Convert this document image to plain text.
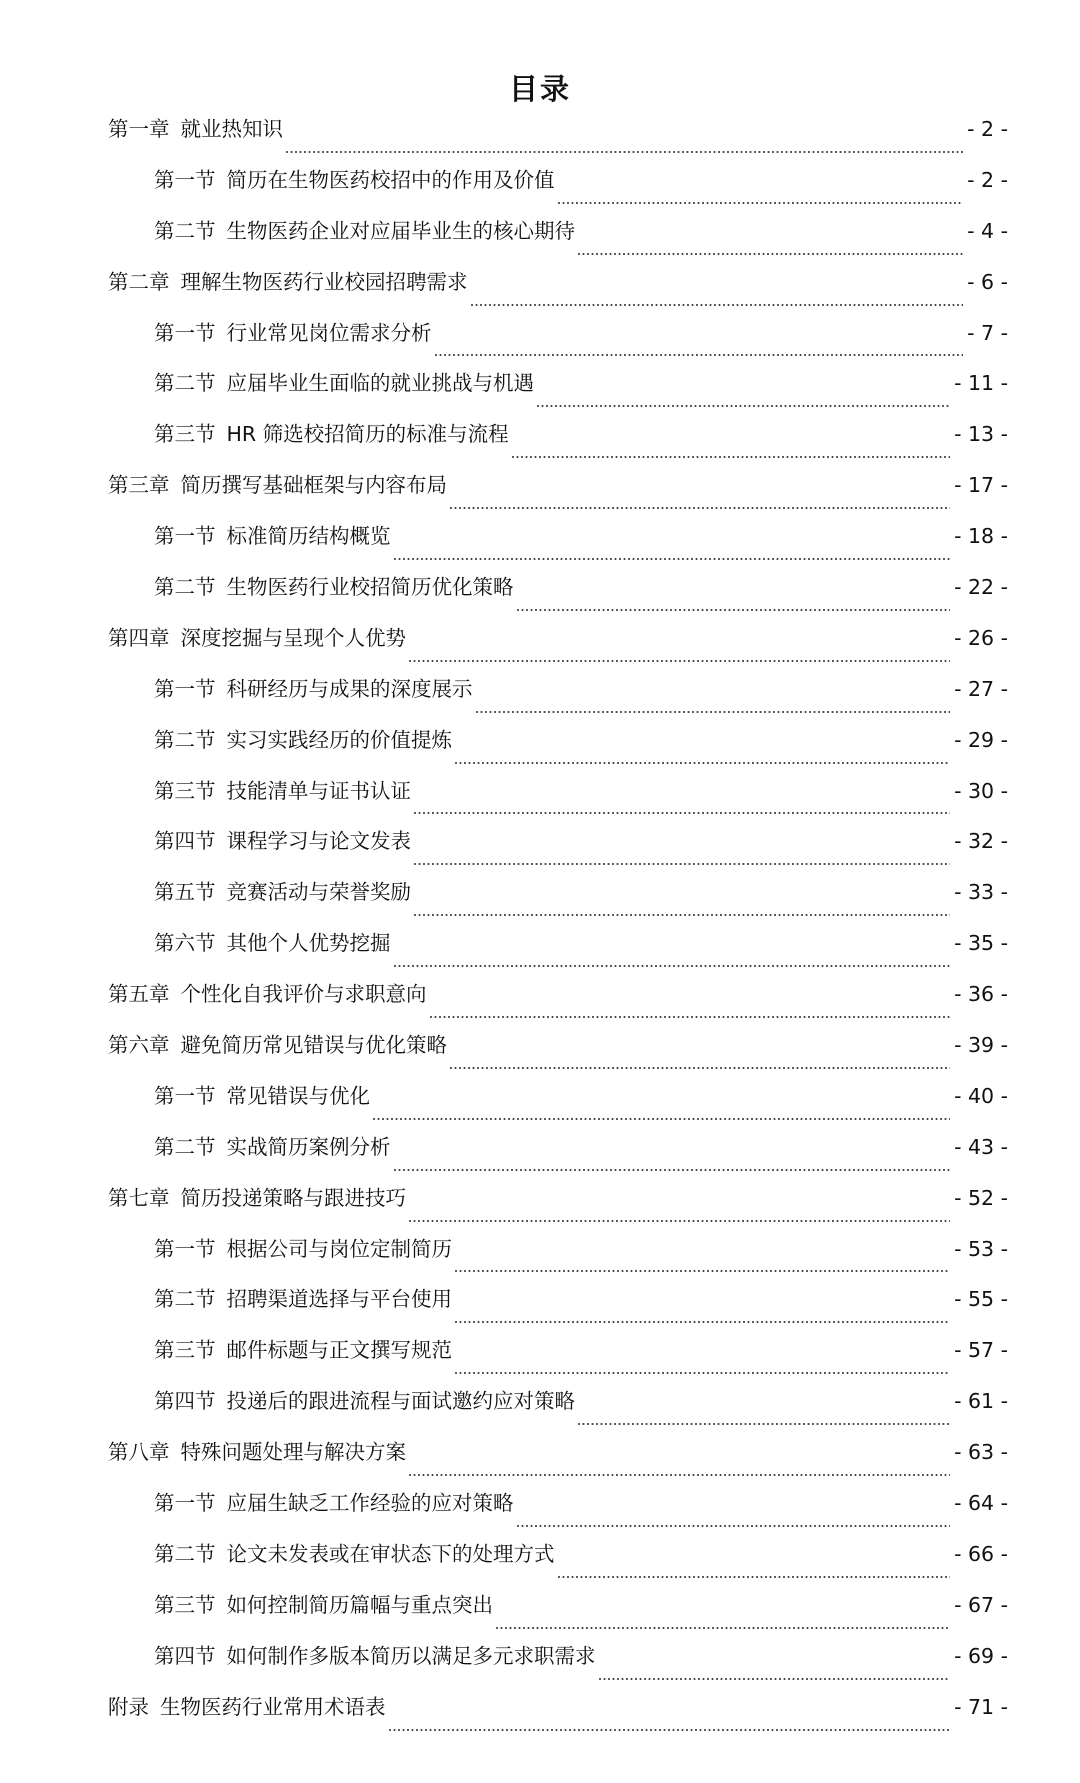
目录
第一章 就业热知识	- 2 -
第一节 简历在生物医药校招中的作用及价值	- 2 -
第二节 生物医药企业对应届毕业生的核心期待	- 4 -
第二章 理解生物医药行业校园招聘需求	- 6 -
第一节 行业常见岗位需求分析	- 7 -
第二节 应届毕业生面临的就业挑战与机遇	- 11 -
第三节 HR 筛选校招简历的标准与流程	- 13 -
第三章 简历撰写基础框架与内容布局	- 17 -
第一节 标准简历结构概览	- 18 -
第二节 生物医药行业校招简历优化策略	- 22 -
第四章 深度挖掘与呈现个人优势	- 26 -
第一节 科研经历与成果的深度展示	- 27 -
第二节 实习实践经历的价值提炼	- 29 -
第三节 技能清单与证书认证	- 30 -
第四节 课程学习与论文发表	- 32 -
第五节 竞赛活动与荣誉奖励	- 33 -
第六节 其他个人优势挖掘	- 35 -
第五章 个性化自我评价与求职意向	- 36 -
第六章 避免简历常见错误与优化策略	- 39 -
第一节 常见错误与优化	- 40 -
第二节 实战简历案例分析	- 43 -
第七章 简历投递策略与跟进技巧	- 52 -
第一节 根据公司与岗位定制简历	- 53 -
第二节 招聘渠道选择与平台使用	- 55 -
第三节 邮件标题与正文撰写规范	- 57 -
第四节 投递后的跟进流程与面试邀约应对策略	- 61 -
第八章 特殊问题处理与解决方案	- 63 -
第一节 应届生缺乏工作经验的应对策略	- 64 -
第二节 论文未发表或在审状态下的处理方式	- 66 -
第三节 如何控制简历篇幅与重点突出	- 67 -
第四节 如何制作多版本简历以满足多元求职需求	- 69 -
附录 生物医药行业常用术语表	- 71 -
